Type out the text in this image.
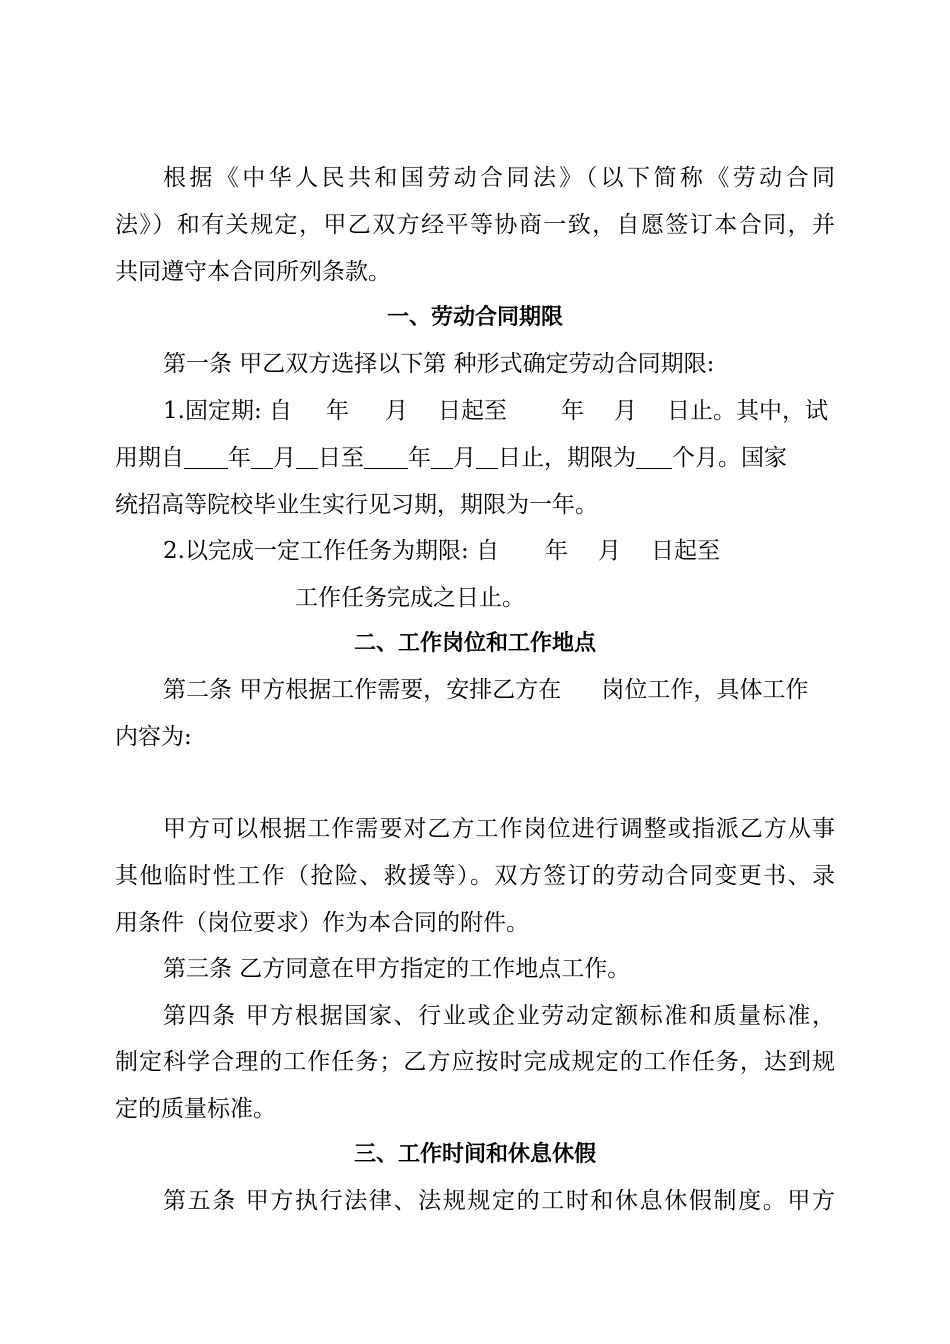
根据《中华人民共和国劳动合同法》（以下简称《劳动合同
法》）和有关规定，甲乙双方经平等协商一致，自愿签订本合同，并
共同遵守本合同所列条款。
一、劳动合同期限
第一条 甲乙双方选择以下第 种形式确定劳动合同期限:
1.固定期: 自 年 月 日起至 年 月 日止。其中，试
用期自 年 月 日至 年 月 日止，期限为 个月。国家
统招高等院校毕业生实行见习期，期限为一年。
2.以完成一定工作任务为期限: 自 年 月 日起至
工作任务完成之日止。
二、工作岗位和工作地点
第二条 甲方根据工作需要，安排乙方在 岗位工作，具体工作
内容为:
甲方可以根据工作需要对乙方工作岗位进行调整或指派乙方从事
其他临时性工作（抢险、救援等）。双方签订的劳动合同变更书、录
用条件（岗位要求）作为本合同的附件。
第三条 乙方同意在甲方指定的工作地点工作。
第四条 甲方根据国家、行业或企业劳动定额标准和质量标准，
制定科学合理的工作任务；乙方应按时完成规定的工作任务，达到规
定的质量标准。
三、工作时间和休息休假
第五条 甲方执行法律、法规规定的工时和休息休假制度。甲方
